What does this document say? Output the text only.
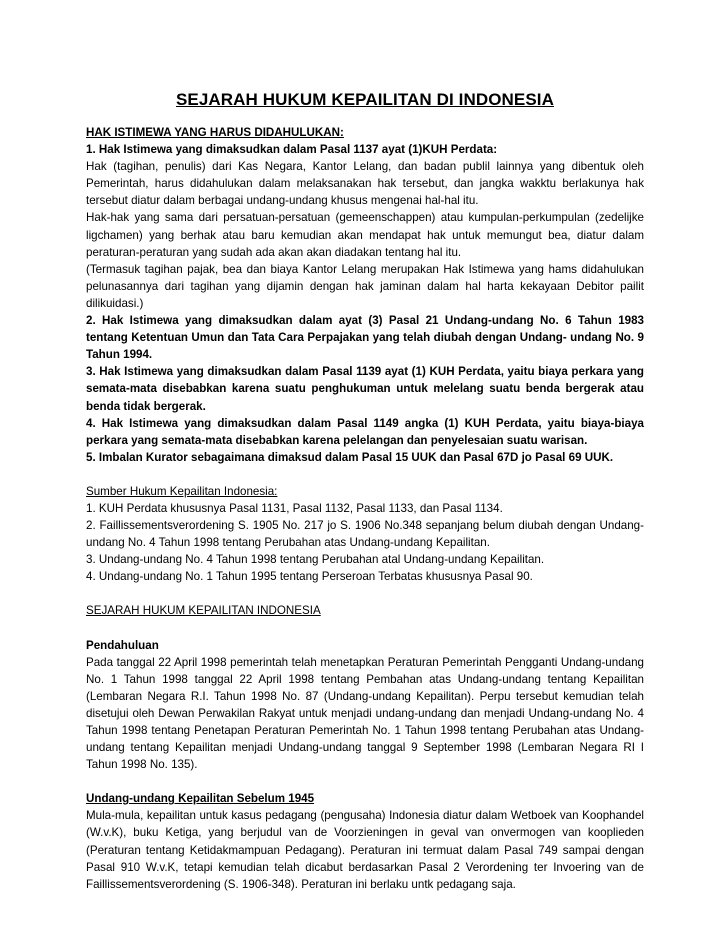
SEJARAH HUKUM KEPAILITAN DI INDONESIA

HAK ISTIMEWA YANG HARUS DIDAHULUKAN:

1. Hak Istimewa yang dimaksudkan dalam Pasal 1137 ayat (1)KUH Perdata:

Hak (tagihan, penulis) dari Kas Negara, Kantor Lelang, dan badan publil lainnya yang dibentuk oleh Pemerintah, harus didahulukan dalam melaksanakan hak tersebut, dan jangka wakktu berlakunya hak tersebut diatur dalam berbagai undang-undang khusus mengenai hal-hal itu.

Hak-hak yang sama dari persatuan-persatuan (gemeenschappen) atau kumpulan-perkumpulan (zedelijke ligchamen) yang berhak atau baru kemudian akan mendapat hak untuk memungut bea, diatur dalam peraturan-peraturan yang sudah ada akan akan diadakan tentang hal itu.

(Termasuk tagihan pajak, bea dan biaya Kantor Lelang merupakan Hak Istimewa yang hams didahulukan pelunasannya dari tagihan yang dijamin dengan hak jaminan dalam hal harta kekayaan Debitor pailit dilikuidasi.)

2. Hak Istimewa yang dimaksudkan dalam ayat (3) Pasal 21 Undang-undang No. 6 Tahun 1983 tentang Ketentuan Umun dan Tata Cara Perpajakan yang telah diubah dengan Undang- undang No. 9 Tahun 1994.

3. Hak Istimewa yang dimaksudkan dalam Pasal 1139 ayat (1) KUH Perdata, yaitu biaya perkara yang semata-mata disebabkan karena suatu penghukuman untuk melelang suatu benda bergerak atau benda tidak bergerak.

4. Hak Istimewa yang dimaksudkan dalam Pasal 1149 angka (1) KUH Perdata, yaitu biaya-biaya perkara yang semata-mata disebabkan karena pelelangan dan penyelesaian suatu warisan.

5. Imbalan Kurator sebagaimana dimaksud dalam Pasal 15 UUK dan Pasal 67D jo Pasal 69 UUK.

Sumber Hukum Kepailitan Indonesia:

1. KUH Perdata khususnya Pasal 1131, Pasal 1132, Pasal 1133, dan Pasal 1134.

2. Faillissementsverordening S. 1905 No. 217 jo S. 1906 No.348 sepanjang belum diubah dengan Undang-undang No. 4 Tahun 1998 tentang Perubahan atas Undang-undang Kepailitan.

3. Undang-undang No. 4 Tahun 1998 tentang Perubahan atal Undang-undang Kepailitan.

4. Undang-undang No. 1 Tahun 1995 tentang Perseroan Terbatas khususnya Pasal 90.

SEJARAH HUKUM KEPAILITAN INDONESIA

Pendahuluan

Pada tanggal 22 April 1998 pemerintah telah menetapkan Peraturan Pemerintah Pengganti Undang-undang No. 1 Tahun 1998 tanggal 22 April 1998 tentang Pembahan atas Undang-undang tentang Kepailitan (Lembaran Negara R.I. Tahun 1998 No. 87 (Undang-undang Kepailitan). Perpu tersebut kemudian telah disetujui oleh Dewan Perwakilan Rakyat untuk menjadi undang-undang dan menjadi Undang-undang No. 4 Tahun 1998 tentang Penetapan Peraturan Pemerintah No. 1 Tahun 1998 tentang Perubahan atas Undang-undang tentang Kepailitan menjadi Undang-undang tanggal 9 September 1998 (Lembaran Negara RI I Tahun 1998 No. 135).

Undang-undang Kepailitan Sebelum 1945

Mula-mula, kepailitan untuk kasus pedagang (pengusaha) Indonesia diatur dalam Wetboek van Koophandel (W.v.K), buku Ketiga, yang berjudul van de Voorzieningen in geval van onvermogen van kooplieden (Peraturan tentang Ketidakmampuan Pedagang). Peraturan ini termuat dalam Pasal 749 sampai dengan Pasal 910 W.v.K, tetapi kemudian telah dicabut berdasarkan Pasal 2 Verordening ter Invoering van de Faillissementsverordening (S. 1906-348). Peraturan ini berlaku untk pedagang saja.
